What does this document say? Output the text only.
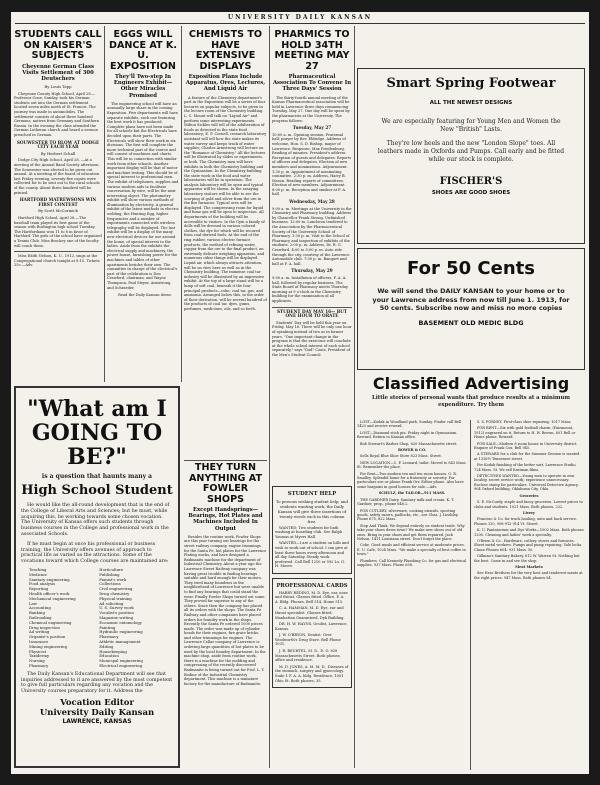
UNIVERSITY DAILY KANSAN
STUDENTS CALL ON KAISER'S SUBJECTS
Cheyenne German Class Visits Settlement of 300 Deutschers
By Louis Tapp

Cheyenne County High School, April 28.—Professor Cone, Sunday, took his German students out into the German settlement located seven miles north of St. Francis. The journey was made in automobiles. The settlement consists of about three hundred Germans, natives from Germany and Southern Russia. In the evening the class attended the German Lutheran church and heard a sermon preached in German.

SOUWESTER TO BLOW AT DODGE CITY EACH YEAR
By Herbert Schall

Dodge City High School, April 28. —At a meeting of the Annual Band Society afternoon, The Souwester was elected to be given out annual. At a meeting of the board of education last Friday evening, seventy-five copies were collected for to be sent out to the rural schools of the county. About three hundred will be printed.

HARTFORD MATREWSONS WIN FIRST CONTEST
By Scott McCormick

Hartford High School, April 28.—The baseball team played its first game of the season with Burlington high school Tuesday. The Hartfordians won 11 to 8 in favor of Hartford. The girls of the school have organized a Tennis Club. Miss Brockey one of the faculty will coach them.

Miss Edith Nelson, K. U., 1912, sings at the Congregational church tonight at 8:15. Tickets 25c.—Adv.

EGGS WILL DANCE AT K. U. EXPOSITION
They'll Two-step In Engineers Exhibit—Other Miracles Promised

The engineering school will have an unusually large share in the coming Exposition. Five departments will have separate exhibits, each one featuring the best work it has produced. Complete plans have not been made for all schools but the Electricals have decided upon their parts. The Electricals will show their work in six divisions. The first will complete the more technical part of the course and will consist of machines and charts. This will be in connection with similar work from other schools. Another important display will be that of motor and machine testing. This should be of special interest to professional men. The exhibit of telephones, supplies and various modern aids to facilitate conversation by wire, will be the next interesting object. The photometry exhibit will show various methods of illumination by electricity. A general exhibit of the latest methods in electric welding, the Hunting Egg, higher frequencies and a number of experiments connected with wireless telegraphy will be displayed. The last exhibit will be a display of the many new electrical devices for use around the home, of special interest to the ladies. Aside from the exhibits the electrical supply and machinery, the power house, furnishing power for the machines and tables of other apartments besides their own. The committee in charge of the electrical's part of the celebration is Don Crawford, chairman, and Wayne Thompson, Paul Meyer, Armstrong, and Schraeder.

Read the Daily Kansan items.

CHEMISTS TO HAVE EXTENSIVE DISPLAYS
Exposition Plans Include Apparatus, Ores, Lectures, And Liquid Air

A feature of the Chemistry department's part in the Exposition will be a series of four lectures on popular subjects, to be given in the lecture room of the Chemistry building. L. C. Mount will talk on "Liquid Air" and perform some interesting experiments. Milton Sickles will tell of the adulteration of foods as detected in the state food laboratory; E. F. Cornell, research laboratory assistant will tell how the state makes its water survey and keeps track of water supplies; Charles Armstrong will lecture on the "Romance of Chemistry." All the lectures will be illustrated by slides or experiments, or both. The Chemistry men will have exhibits in both the Chemistry building and the Gymnasium. In the Chemistry building the state work in the food and water laboratories will be in operation. The analysis laboratory will be open and typical apparatus will be shown. In the assaying laboratory visitors will be able to see the scorping of gold and silver from the ore in the fire furnaces. Typical ores will be displayed. The compressing room for liquid and fume gas will be open to inspection. All departments of the building will be accessible to visitors. In the Gym a family of dolls will be dressed in various colored clothes, the dye for which will be secured from coal-derived fuels. At the end of the ring rubber, various electric furnace products, the method of refining water, copper from the ore to the final product, an extremely delicate weighing apparatus, and numerous other things will be displayed. Liquid air, which always attracts attention, will be on view here as well as in the Chemistry building. The immense coal tar industry will be illustrated by an impressive exhibit. At the top of a large stand will be a lump of soft coal, beneath it the four principal products—coke, coal tar, gas, and ammonia. Arranged below this, in the order of their derivation, will be several hundred of the products of coal tar, dyes, gums, perfumes, medicines, oils, and so forth.

PHARMICS TO HOLD 34TH MEETING MAY 27
Pharmaceutical Association To Convene In Three Days' Session

The thirty-fourth annual meeting of the Kansas Pharmaceutical association will be held in Lawrence three days commencing Tuesday, May 27. One day will be spent by the pharmacists at the University. The program follows:

Tuesday, May 27

10:00 a. m. Opening session, Fraternal hall; prayer by Rev. Eldridge. Address of welcome, Hon. S. D. Bishop, mayor of Lawrence. Response, Max Friedenburg. Reading of minutes. President's address. Reception of guests and delegates. Reports of officers and delegates. Election of new members and nominations. Adjournment. 1:30 p. m. Appointment of nominating committee. 2:30 p. m. Address, Harry B. Mason. Reading reports of committees. Election of new members. Adjournment. 8:00 p. m. Reception and smoker at F. A. hall.

Wednesday, May 28

9:00 a. m. Meetings at the University in the Chemistry and Pharmacy building. Address by Chancellor Frank Strong. Unfinished business. 12:00 m. Luncheon tendered to the Association by the Pharmaceutical Society of the University School of Pharmacy. 1:30 p. m. Visit to the School of Pharmacy and inspection of exhibits of the students. 2:00 p. m. Address, Dr. R. G. Crawford. 4:00 to 5:00 p. m. Auto ride through the city, courtesy of the Lawrence Automobile club. 7:00 p. m. Banquet and ball at F. A. hall.

Thursday, May 29

9:00 a. m. Installation of officers, F. A. A. hall, followed by regular business. The State Board of Pharmacy meets Thursday morning at 9 o'clock in the Chemistry building for the examination of all applicants.

STUDENT DAY MAY 16— BUT ONE HOUR TO ORATE

Students' Day will be held this year on Friday, May 16. There will be only one hour of speaking instead of two as in former years. "One important change in the program is that the exercises will conclude at the whole school interest of each school separately," says "Dad" Coats, President of the Men's Student Council.

Smart Spring Footwear
ALL THE NEWEST DESIGNS

We are especially featuring for Young Men and Women the New "British" Lasts.

They're low heels and the new "London Slope" toes. All leathers made in Oxfords and Pumps. Call early and be fitted while our stock is complete.

FISCHER'S
SHOES ARE GOOD SHOES
For 50 Cents

We will send the DAILY KANSAN to your home or to your Lawrence address from now till June 1. 1913, for 50 cents. Subscribe now and miss no more copies

BASEMENT OLD MEDIC BLDG
Classified Advertising
Little stories of personal wants that produce results at a minimum expenditure. Try them

LOST—Kodak in Woodland park, Sunday. Finder call Bell 1423 and receive reward.

LOST—Diamond stick pin. Friday night in Gymnasium. Reward. Return to Kansan office.

Bob Stewart's Barber Shop, 820 Massachusetts street.

BOWER & CO.

Sells Royal Blue Shoe Store 823 Mass. Street.

NEW LOCATION—C. P. Leonard, tailor. Moved to 843 Mass. St. Remember the place.

For Rent—Two modern ten and ten room houses. O. R. Smalley. Splendid home for a fraternity or sorority. For particulars see or phone Frank Orr. Either phone. Also have some bargains in good houses for sale.—Adv.

SCHULZ, the TAILOR—911 MASS.

THE GARDNER Dairy. Sanitary milk and cream. K. T. Gardner, prop., phone 648.2.

FOR CUTLERY, silverware, cooking utensils, sporting goods, safety razors, padlocks, etc., see Chas. J. Lindsley. Phone 675, 822 Mass.

Stop And Think. We depend entirely on student trade. Why take your shoes down town? We make new shoes out of old ones. Bring in your shoes and get them repaired. Jack Nelson, 1411 Louisiana street. Don't forget the place.

Coke. Good meals and efficient service at moderate prices. E. U. Cafe, 1024 Mass. "We make a specialty of best coffee in town."

Plumbers. Call Kennedy Plumbing Co. for gas and electrical supplies. 937 Mass. Phone 658.

S. S. FORNEY. First-class shoe repairing. 1017 Mass.

FOR RENT—Six with gold football charm. (Fairmount, 1912) engraved on it. Return to H. W. Brown, 801 Bell or Home phone. Reward.

FOR SALE—Modern 8 room house in University district. Enquire of Frank Cox, Bell 945.

A STEWARD for a club for the Summer Session is wanted at 1316½ Tennessee street.

For Kodak finishing of the better sort, Lawrence Studio, 724 Mass. St. We sell Eastman films.

DETECTIVES WANTED—Young men to operate in own locality, secret service work; experience unnecessary. Enclose stamp for particulars. Universal Detective Agency, 904 Oxford building, Oklahoma City, Okla.

Groceries

S. E. McCurdy, staple and fancy groceries. Lowest prices to clubs and students. 1021 Mass. Both phones, 232.

Livery

Franciso & Co. for truck hauling, auto and hack service. Phones 130. 908-912-914 Vt. Street.

K. U. Pantatorium and Dye Works—1002 Mass. Both phones 1200. Cleaning and ladies' work a specialty.

O'Brien & Co., Hardware, cutlery, stoves and furnaces. Sheet metal workers. Pumps and pump repairing. Yale locks. Chase Phones 604. 931 Mass. St.

Gillman's Sanitary Bakery, 612 W. Warren St. Nothing but the best. Come in and see the shop.

Meat Markets

See Hess Brothers for the very best and tenderest meats at the right prices. 947 Mass. Both phones 84.

"What am I GOING TO BE?"
is a question that haunts many a
High School Student

He would like the all-round development that is the end of the College of Liberal Arts and Sciences; but he must, while acquiring this, be working towards some chosen vocation. The University of Kansas offers such students through business courses in the College and professional work in the associated Schools.

If he must begin at once his professional or business training, the University offers avenues of approach to practical life as varied as the attractions. Some of the vocations toward which College courses are maintained are:

Teaching
Medicine
Sanitary engineering
Food analysis
Reporting
Health officer's work
Mechanical engineering
Law
Accounting
Banking
Railroading
Chemical engineering
Drug inspection
Ad writing
Organist's position
Insurance
Mining engineering
Physicist
Taxidermy
Nursing
Pharmacy

Horticulture
Publishing
Pianist's work
Collections
Civil engineering
Drug chemistry
Physical training
Ad soliciting
U. S. Survey work
Vocalist's position
Magazine writing
Economic entomology
Painting
Hydraulic engineering
Pharmacy
Athletic management
Editing
Housekeeping
Education
Municipal engineering
Electrical engineering

The Daily Kansan's Educational Department will see that inquiries addressed to it are answered by the most competent to give full particulars regarding any vocation and the University courses preparatory for it. Address the

Vocation Editor
University Daily Kansan
LAWRENCE, KANSAS
THEY TURN ANYTHING AT FOWLER SHOPS
Except Handsprings—Bearings, Hot Plates and Machines Included In Output

Besides the routine work, Fowler Shops are this year turning out bearings for the street railway company, engine trimmings for the Santa Fe, hot plates for the Lawrence Plating works, and have designed a Badmanits machine for the department of Industrial Chemistry. About a year ago the Lawrence Street Railway company was having great trouble in finding bearings suitable and hard enough for their motors. They tried many foundries in the neighborhood of Lawrence but were unable to find any bearings that could stand the wear. Finally Fowler Shops turned out some. They proved far superior to any of the others. Since then the company has placed all its orders with the shops. The Santa Fe Railway and other companies have placed orders for foundry work in the shops. Recently the Santa Fe ordered 1000 pieces made. The order was made up of cylinder heads for their engines, fire grate bricks, and other trimmings for engines. The Lawrence Cellar company of Lawrence is ordering large quantities of hot plates to be used by the local foundry department. In the machine shop, aside from routine work, there is a machine for the molding and compressing of the recently discovered Badmanite is being turned out for Prof. L. Y. Bodine of the Industrial Chemistry department. This machine is a miniature factory for the manufacture of Badmanite.

STUDENT HELP

To persons wishing student help, and students wanting work, the Daily Kansan will give three insertions of twenty words each in this column free.

WANTED: Two students for bath washing at boarding club. See Ralph Youmas at Myers Hall.

WANTED—I are a student on hills and wish to work out of school. I can give at least three hours every afternoon and all day Saturday. Steady work preferred. Call Bell 1210 or 592 Ls. G. H. Moore.

PROFESSIONAL CARDS

HARRY REDING, M. D. Eye, ear, nose and throat. Glasses fitted. Office, F. A. A. Bldg. Phones, Bell 514, Home 515.

C. A. HAMMAN, M. D. Eye, ear and throat specialist. Glasses fitted. Manhattan Guaranteed, Dyk Building.

DR. H. W. HAYNS, Oculist, Lawrence, Kansas.

J. W. O'BRYON, Dentist. Over Woolworth's Drug Store. Bell Phone 1031.

J. R. BECHTEL, M. D., D. O. 828 Massachusetts Street. Both phones, office and residence.

M. D. JONES, A. M. M. D., Diseases of the stomach, surgery and gynecology. Suite 1 F. A. A. bldg. Residence, 1001 Ohio St. Both phones, 35.
